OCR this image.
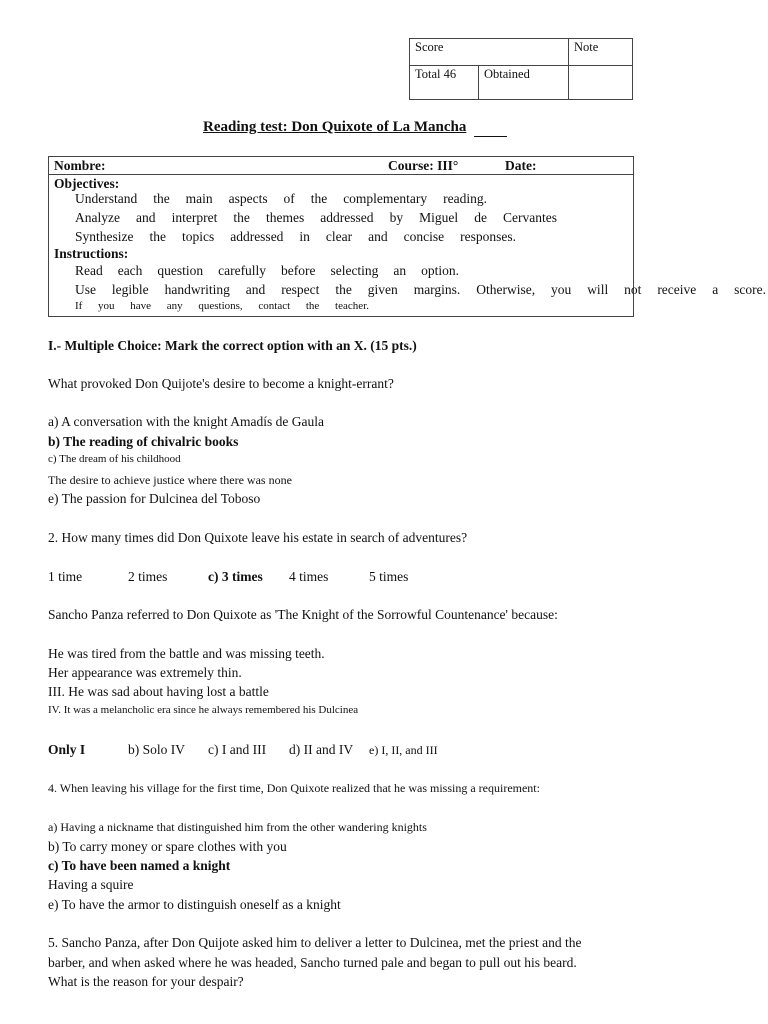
Score		Note
Total 46	Obtained	
Reading test: Don Quixote of La Mancha
Nombre:	Course: III°	Date:
Objectives:
Understand the main aspects of the complementary reading.
Analyze and interpret the themes addressed by Miguel de Cervantes
Synthesize the topics addressed in clear and concise responses.
Instructions:
Read each question carefully before selecting an option.
Use legible handwriting and respect the given margins. Otherwise, you will not receive a score.
If you have any questions, contact the teacher.
I.- Multiple Choice: Mark the correct option with an X. (15 pts.)
What provoked Don Quijote's desire to become a knight-errant?
a) A conversation with the knight Amadís de Gaula
b) The reading of chivalric books
c) The dream of his childhood
The desire to achieve justice where there was none
e) The passion for Dulcinea del Toboso
2. How many times did Don Quixote leave his estate in search of adventures?
1 time	2 times	c) 3 times 4 times	5 times
Sancho Panza referred to Don Quixote as 'The Knight of the Sorrowful Countenance' because:
He was tired from the battle and was missing teeth.
Her appearance was extremely thin.
III. He was sad about having lost a battle
IV. It was a melancholic era since he always remembered his Dulcinea
Only I	b) Solo IV c) I and III d) II and IV e) I, II, and III
4. When leaving his village for the first time, Don Quixote realized that he was missing a requirement:
a) Having a nickname that distinguished him from the other wandering knights
b) To carry money or spare clothes with you
c) To have been named a knight
Having a squire
e) To have the armor to distinguish oneself as a knight
5. Sancho Panza, after Don Quijote asked him to deliver a letter to Dulcinea, met the priest and the
barber, and when asked where he was headed, Sancho turned pale and began to pull out his beard.
What is the reason for your despair?
